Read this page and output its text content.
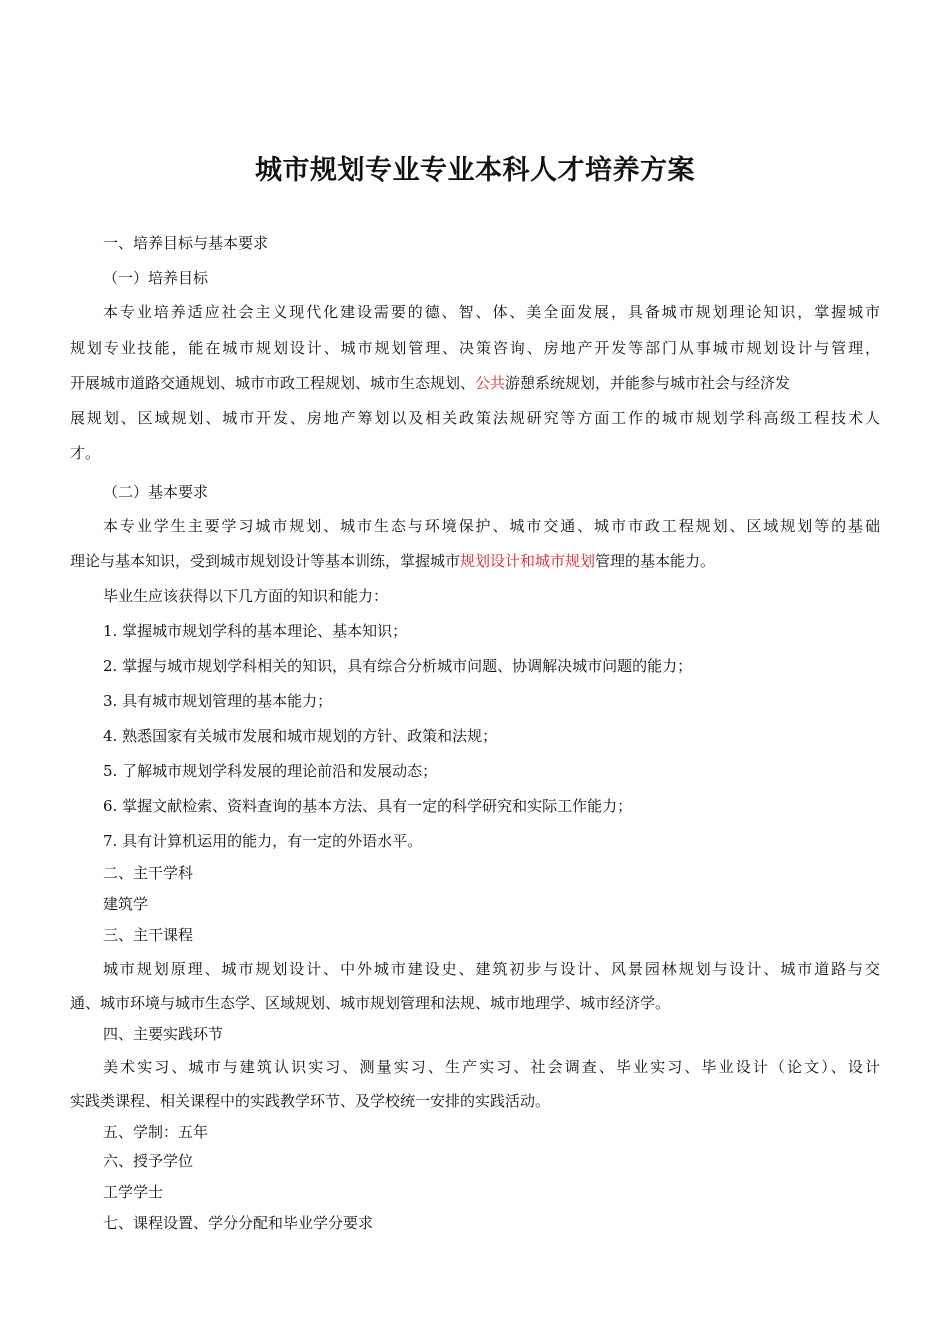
城市规划专业专业本科人才培养方案
一、培养目标与基本要求
（一）培养目标
本专业培养适应社会主义现代化建设需要的德、智、体、美全面发展，具备城市规划理论知识，掌握城市
规划专业技能，能在城市规划设计、城市规划管理、决策咨询、房地产开发等部门从事城市规划设计与管理，
开展城市道路交通规划、城市市政工程规划、城市生态规划、公共游憩系统规划，并能参与城市社会与经济发
展规划、区域规划、城市开发、房地产筹划以及相关政策法规研究等方面工作的城市规划学科高级工程技术人
才。
（二）基本要求
本专业学生主要学习城市规划、城市生态与环境保护、城市交通、城市市政工程规划、区域规划等的基础
理论与基本知识，受到城市规划设计等基本训练，掌握城市规划设计和城市规划管理的基本能力。
毕业生应该获得以下几方面的知识和能力：
1. 掌握城市规划学科的基本理论、基本知识；
2. 掌握与城市规划学科相关的知识，具有综合分析城市问题、协调解决城市问题的能力；
3. 具有城市规划管理的基本能力；
4. 熟悉国家有关城市发展和城市规划的方针、政策和法规；
5. 了解城市规划学科发展的理论前沿和发展动态；
6. 掌握文献检索、资料查询的基本方法、具有一定的科学研究和实际工作能力；
7. 具有计算机运用的能力，有一定的外语水平。
二、主干学科
建筑学
三、主干课程
城市规划原理、城市规划设计、中外城市建设史、建筑初步与设计、风景园林规划与设计、城市道路与交
通、城市环境与城市生态学、区域规划、城市规划管理和法规、城市地理学、城市经济学。
四、主要实践环节
美术实习、城市与建筑认识实习、测量实习、生产实习、社会调查、毕业实习、毕业设计（论文）、设计
实践类课程、相关课程中的实践教学环节、及学校统一安排的实践活动。
五、学制：五年
六、授予学位
工学学士
七、课程设置、学分分配和毕业学分要求
